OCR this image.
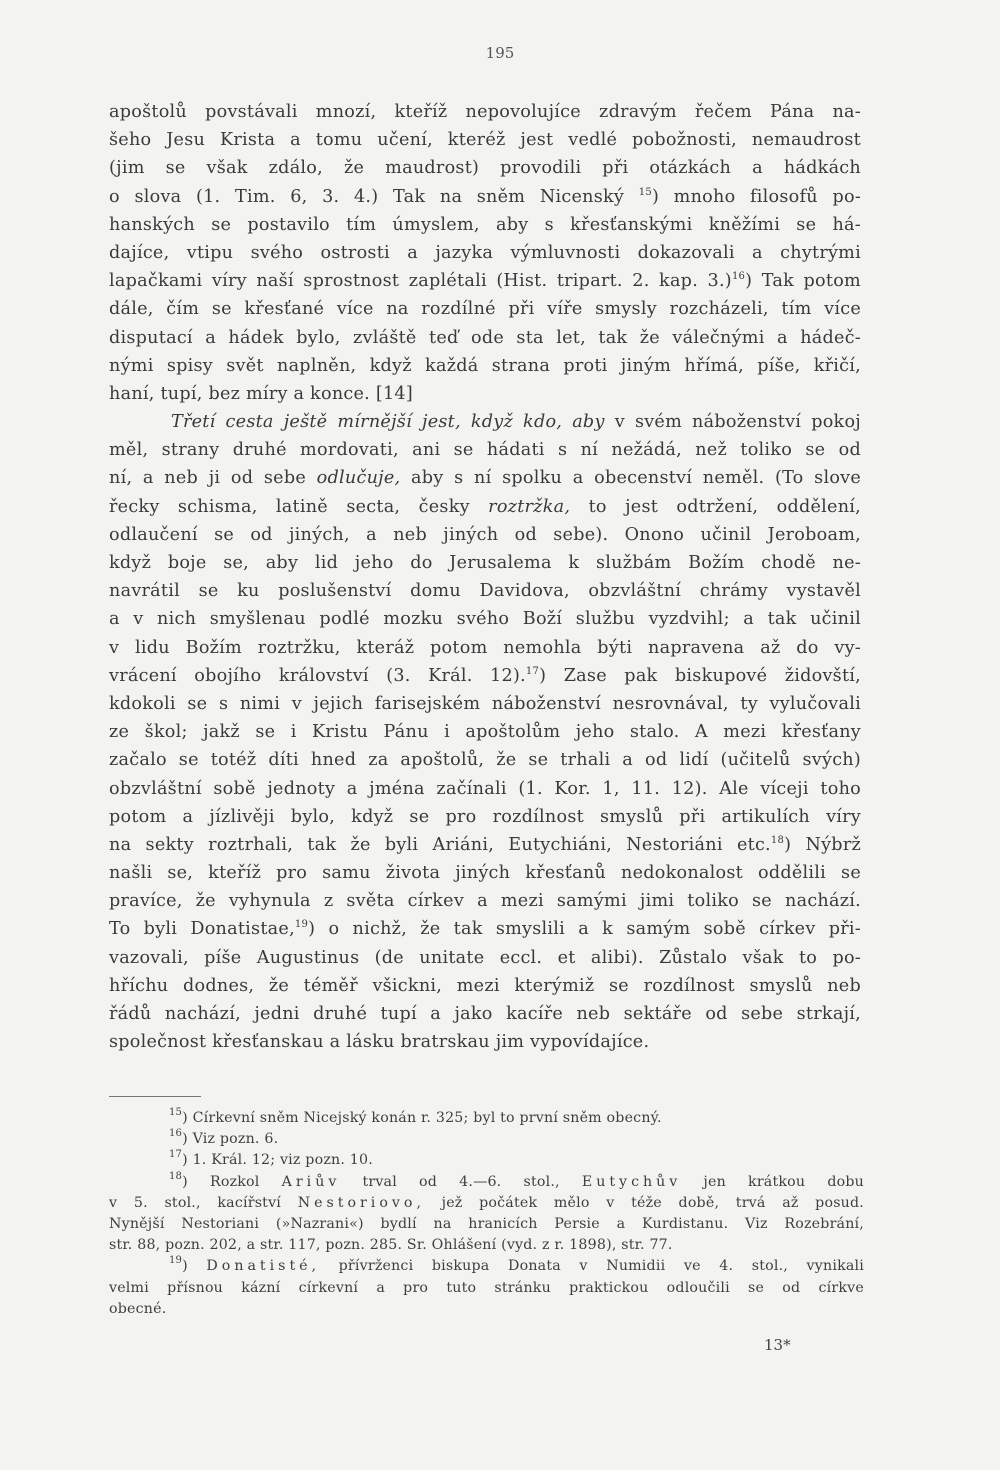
195
apoštolů povstávali mnozí, kteříž nepovolujíce zdravým řečem Pána na-
šeho Jesu Krista a tomu učení, kteréž jest vedlé pobožnosti, nemaudrost
(jim se však zdálo, že maudrost) provodili při otázkách a hádkách
o slova (1. Tim. 6, 3. 4.) Tak na sněm Nicenský $^{15}$) mnoho filosofů po-
hanských se postavilo tím úmyslem, aby s křesťanskými kněžími se há-
dajíce, vtipu svého ostrosti a jazyka výmluvnosti dokazovali a chytrými
lapačkami víry naší sprostnost zaplétali (Hist. tripart. 2. kap. 3.)$^{16}$) Tak potom
dále, čím se křesťané více na rozdílné při víře smysly rozcházeli, tím více
disputací a hádek bylo, zvláště teď ode sta let, tak že válečnými a hádeč-
nými spisy svět naplněn, když každá strana proti jiným hřímá, píše, křičí,
haní, tupí, bez míry a konce. [14]
Třetí cesta ještě mírnější jest, když kdo, aby v svém náboženství pokoj
měl, strany druhé mordovati, ani se hádati s ní nežádá, než toliko se od
ní, a neb ji od sebe odlučuje, aby s ní spolku a obecenství neměl. (To slove
řecky schisma, latině secta, česky roztržka, to jest odtržení, oddělení,
odlaučení se od jiných, a neb jiných od sebe). Onono učinil Jeroboam,
když boje se, aby lid jeho do Jerusalema k službám Božím chodě ne-
navrátil se ku poslušenství domu Davidova, obzvláštní chrámy vystavěl
a v nich smyšlenau podlé mozku svého Boží službu vyzdvihl; a tak učinil
v lidu Božím roztržku, kteráž potom nemohla býti napravena až do vy-
vrácení obojího království (3. Král. 12).$^{17}$) Zase pak biskupové židovští,
kdokoli se s nimi v jejich farisejském náboženství nesrovnával, ty vylučovali
ze škol; jakž se i Kristu Pánu i apoštolům jeho stalo. A mezi křesťany
začalo se totéž díti hned za apoštolů, že se trhali a od lidí (učitelů svých)
obzvláštní sobě jednoty a jména začínali (1. Kor. 1, 11. 12). Ale víceji toho
potom a jízlivěji bylo, když se pro rozdílnost smyslů při artikulích víry
na sekty roztrhali, tak že byli Ariáni, Eutychiáni, Nestoriáni etc.$^{18}$) Nýbrž
našli se, kteříž pro samu života jiných křesťanů nedokonalost oddělili se
pravíce, že vyhynula z světa církev a mezi samými jimi toliko se nachází.
To byli Donatistae,$^{19}$) o nichž, že tak smyslili a k samým sobě církev při-
vazovali, píše Augustinus (de unitate eccl. et alibi). Zůstalo však to po-
hříchu dodnes, že téměř všickni, mezi kterýmiž se rozdílnost smyslů neb
řádů nachází, jedni druhé tupí a jako kacíře neb sektáře od sebe strkají,
společnost křesťanskau a lásku bratrskau jim vypovídajíce.
$^{15}$) Církevní sněm Nicejský konán r. 325; byl to první sněm obecný.
$^{16}$) Viz pozn. 6.
$^{17}$) 1. Král. 12; viz pozn. 10.
$^{18}$) Rozkol Ariův trval od 4.—6. stol., Eutychův jen krátkou dobu
v 5. stol., kacířství Nestoriovo, jež počátek mělo v téže době, trvá až posud.
Nynější Nestoriani (»Nazrani«) bydlí na hranicích Persie a Kurdistanu. Viz Rozebrání,
str. 88, pozn. 202, a str. 117, pozn. 285. Sr. Ohlášení (vyd. z r. 1898), str. 77.
$^{19}$) Donatisté, přívrženci biskupa Donata v Numidii ve 4. stol., vynikali
velmi přísnou kázní církevní a pro tuto stránku praktickou odloučili se od církve
obecné.
13*
